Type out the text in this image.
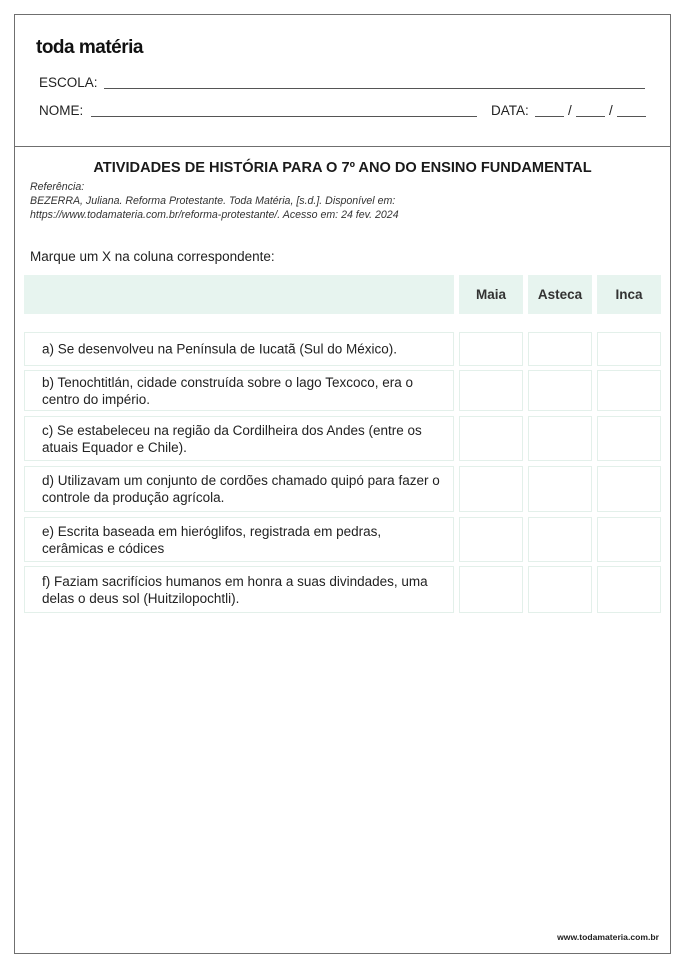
toda matéria
ESCOLA:
NOME:	DATA:	/	/
ATIVIDADES DE HISTÓRIA PARA O 7º ANO DO ENSINO FUNDAMENTAL
Referência:
BEZERRA, Juliana. Reforma Protestante. Toda Matéria, [s.d.]. Disponível em:
https://www.todamateria.com.br/reforma-protestante/. Acesso em: 24 fev. 2024
Marque um X na coluna correspondente:
Maia	Asteca	Inca
a) Se desenvolveu na Península de Iucatã (Sul do México).
b) Tenochtitlán, cidade construída sobre o lago Texcoco, era o centro do império.
c) Se estabeleceu na região da Cordilheira dos Andes (entre os atuais Equador e Chile).
d) Utilizavam um conjunto de cordões chamado quipó para fazer o controle da produção agrícola.
e) Escrita baseada em hieróglifos, registrada em pedras, cerâmicas e códices
f) Faziam sacrifícios humanos em honra a suas divindades, uma delas o deus sol (Huitzilopochtli).
www.todamateria.com.br
